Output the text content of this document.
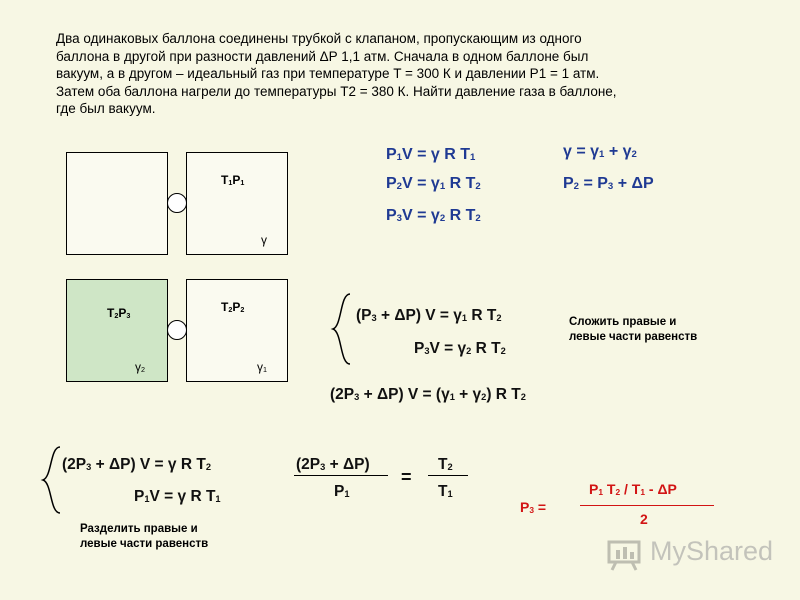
Два одинаковых баллона соединены трубкой с клапаном, пропускающим из одного
баллона в другой при разности давлений ΔP 1,1 атм. Сначала в одном баллоне был
вакуум, а в другом – идеальный газ при температуре T = 300 К и давлении P1 = 1 атм.
Затем оба баллона нагрели до температуры Т2 = 380 К. Найти давление газа в баллоне,
где был вакуум.
$T_1P_1$
γ
$T_2P_3$
$\gamma_2$
$T_2P_2$
$\gamma_1$
$P_1V = \gamma$ R $T_1$
$P_2V = \gamma_1$ R $T_2$
$P_3V = \gamma_2$ R $T_2$
$\gamma = \gamma_1 + \gamma_2$
$P_2 = P_3 + \Delta P$
$(P_3 + \Delta P) V = \gamma_1$ R $T_2$
$P_3V = \gamma_2$ R $T_2$
Сложить правые и
левые части равенств
$(2P_3 + \Delta P) V = (\gamma_1 + \gamma_2)$ R $T_2$
$(2P_3 + \Delta P) V = \gamma$ R $T_2$
$P_1V = \gamma$ R $T_1$
Разделить правые и
левые части равенств
$(2P_3 + \Delta P)$
$P_1$
=
$T_2$
$T_1$
$P_3$ =
$P_1$ $T_2 / T_1$ - ΔP
2
MyShared
